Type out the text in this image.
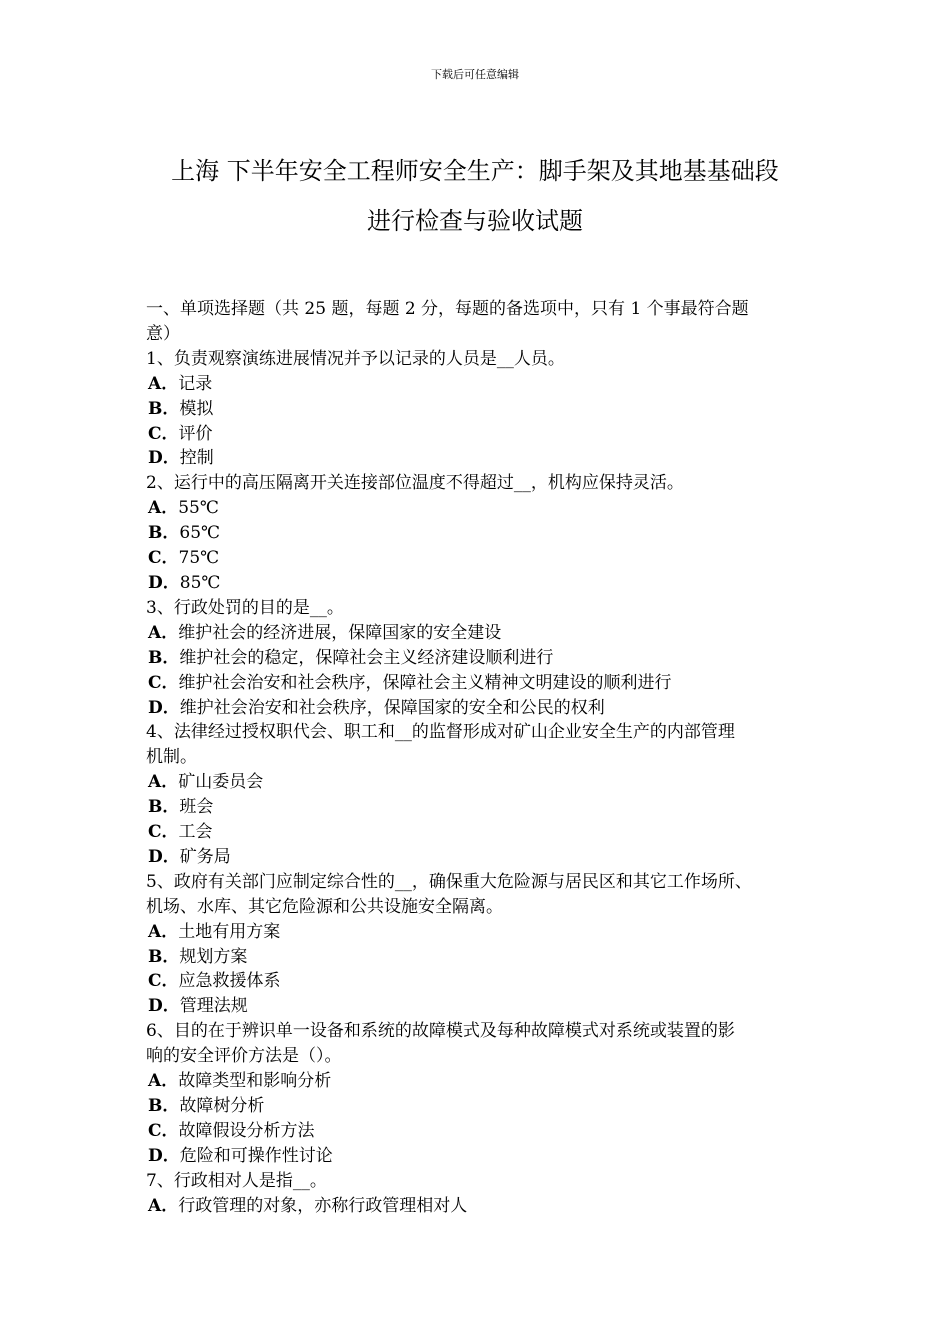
下载后可任意编辑
上海 下半年安全工程师安全生产：脚手架及其地基基础段
进行检查与验收试题
一、单项选择题（共 25 题，每题 2 分，每题的备选项中，只有 1 个事最符合题
意）
1、负责观察演练进展情况并予以记录的人员是__人员。
A．记录
B．模拟
C．评价
D．控制
2、运行中的高压隔离开关连接部位温度不得超过__，机构应保持灵活。
A．55℃
B．65℃
C．75℃
D．85℃
3、行政处罚的目的是__。
A．维护社会的经济进展，保障国家的安全建设
B．维护社会的稳定，保障社会主义经济建设顺利进行
C．维护社会治安和社会秩序，保障社会主义精神文明建设的顺利进行
D．维护社会治安和社会秩序，保障国家的安全和公民的权利
4、法律经过授权职代会、职工和__的监督形成对矿山企业安全生产的内部管理
机制。
A．矿山委员会
B．班会
C．工会
D．矿务局
5、政府有关部门应制定综合性的__，确保重大危险源与居民区和其它工作场所、
机场、水库、其它危险源和公共设施安全隔离。
A．土地有用方案
B．规划方案
C．应急救援体系
D．管理法规
6、目的在于辨识单一设备和系统的故障模式及每种故障模式对系统或装置的影
响的安全评价方法是（）。
A．故障类型和影响分析
B．故障树分析
C．故障假设分析方法
D．危险和可操作性讨论
7、行政相对人是指__。
A．行政管理的对象，亦称行政管理相对人
